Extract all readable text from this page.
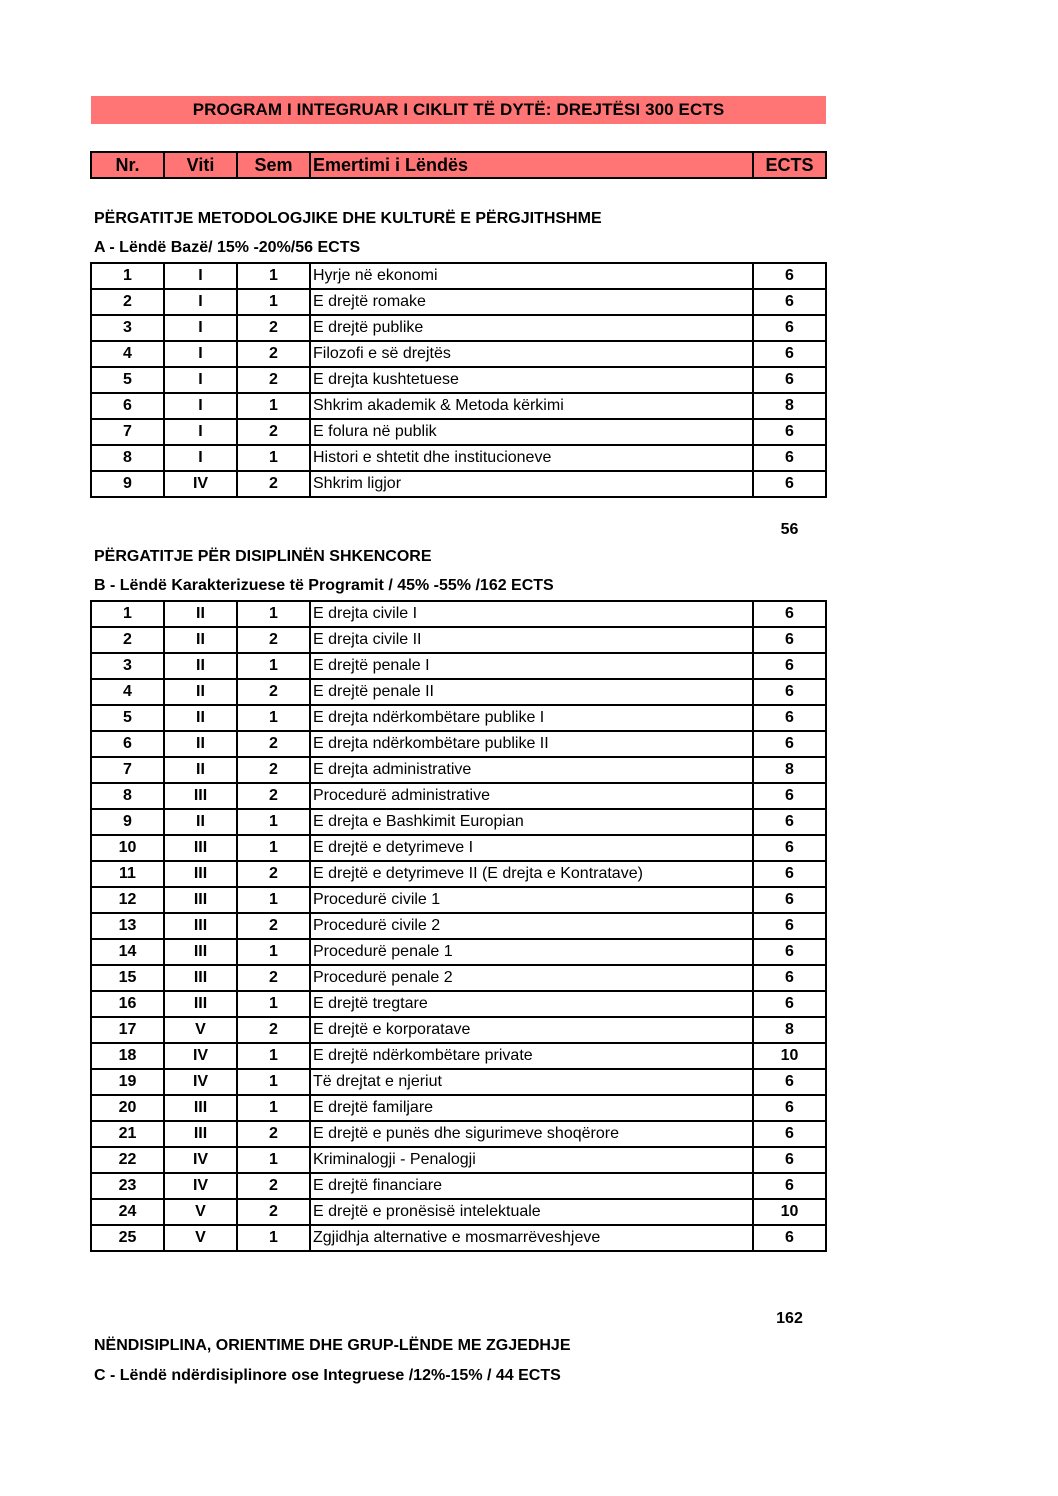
PROGRAM I INTEGRUAR I CIKLIT TË DYTË: DREJTËSI 300 ECTS
Nr.	Viti	Sem	Emertimi i Lëndës	ECTS
PËRGATITJE METODOLOGJIKE DHE KULTURË E PËRGJITHSHME
A - Lëndë Bazë/ 15% -20%/56 ECTS
1	I	1	Hyrje në ekonomi	6
2	I	1	E drejtë romake	6
3	I	2	E drejtë publike	6
4	I	2	Filozofi e së drejtës	6
5	I	2	E drejta kushtetuese	6
6	I	1	Shkrim akademik & Metoda kërkimi	8
7	I	2	E folura në publik	6
8	I	1	Histori e shtetit dhe institucioneve	6
9	IV	2	Shkrim ligjor	6
56
PËRGATITJE PËR DISIPLINËN SHKENCORE
B - Lëndë Karakterizuese të Programit / 45% -55% /162 ECTS
1	II	1	E drejta civile I	6
2	II	2	E drejta civile II	6
3	II	1	E drejtë penale I	6
4	II	2	E drejtë penale II	6
5	II	1	E drejta ndërkombëtare publike I	6
6	II	2	E drejta ndërkombëtare publike II	6
7	II	2	E drejta administrative	8
8	III	2	Procedurë administrative	6
9	II	1	E drejta e Bashkimit Europian	6
10	III	1	E drejtë e detyrimeve I	6
11	III	2	E drejtë e detyrimeve II (E drejta e Kontratave)	6
12	III	1	Procedurë civile 1	6
13	III	2	Procedurë civile 2	6
14	III	1	Procedurë penale 1	6
15	III	2	Procedurë penale 2	6
16	III	1	E drejtë tregtare	6
17	V	2	E drejtë e korporatave	8
18	IV	1	E drejtë ndërkombëtare private	10
19	IV	1	Të drejtat e njeriut	6
20	III	1	E drejtë familjare	6
21	III	2	E drejtë e punës dhe sigurimeve shoqërore	6
22	IV	1	Kriminalogji - Penalogji	6
23	IV	2	E drejtë financiare	6
24	V	2	E drejtë e pronësisë intelektuale	10
25	V	1	Zgjidhja alternative e mosmarrëveshjeve	6
162
NËNDISIPLINA, ORIENTIME DHE GRUP-LËNDE ME ZGJEDHJE
C - Lëndë ndërdisiplinore ose Integruese /12%-15% / 44 ECTS
